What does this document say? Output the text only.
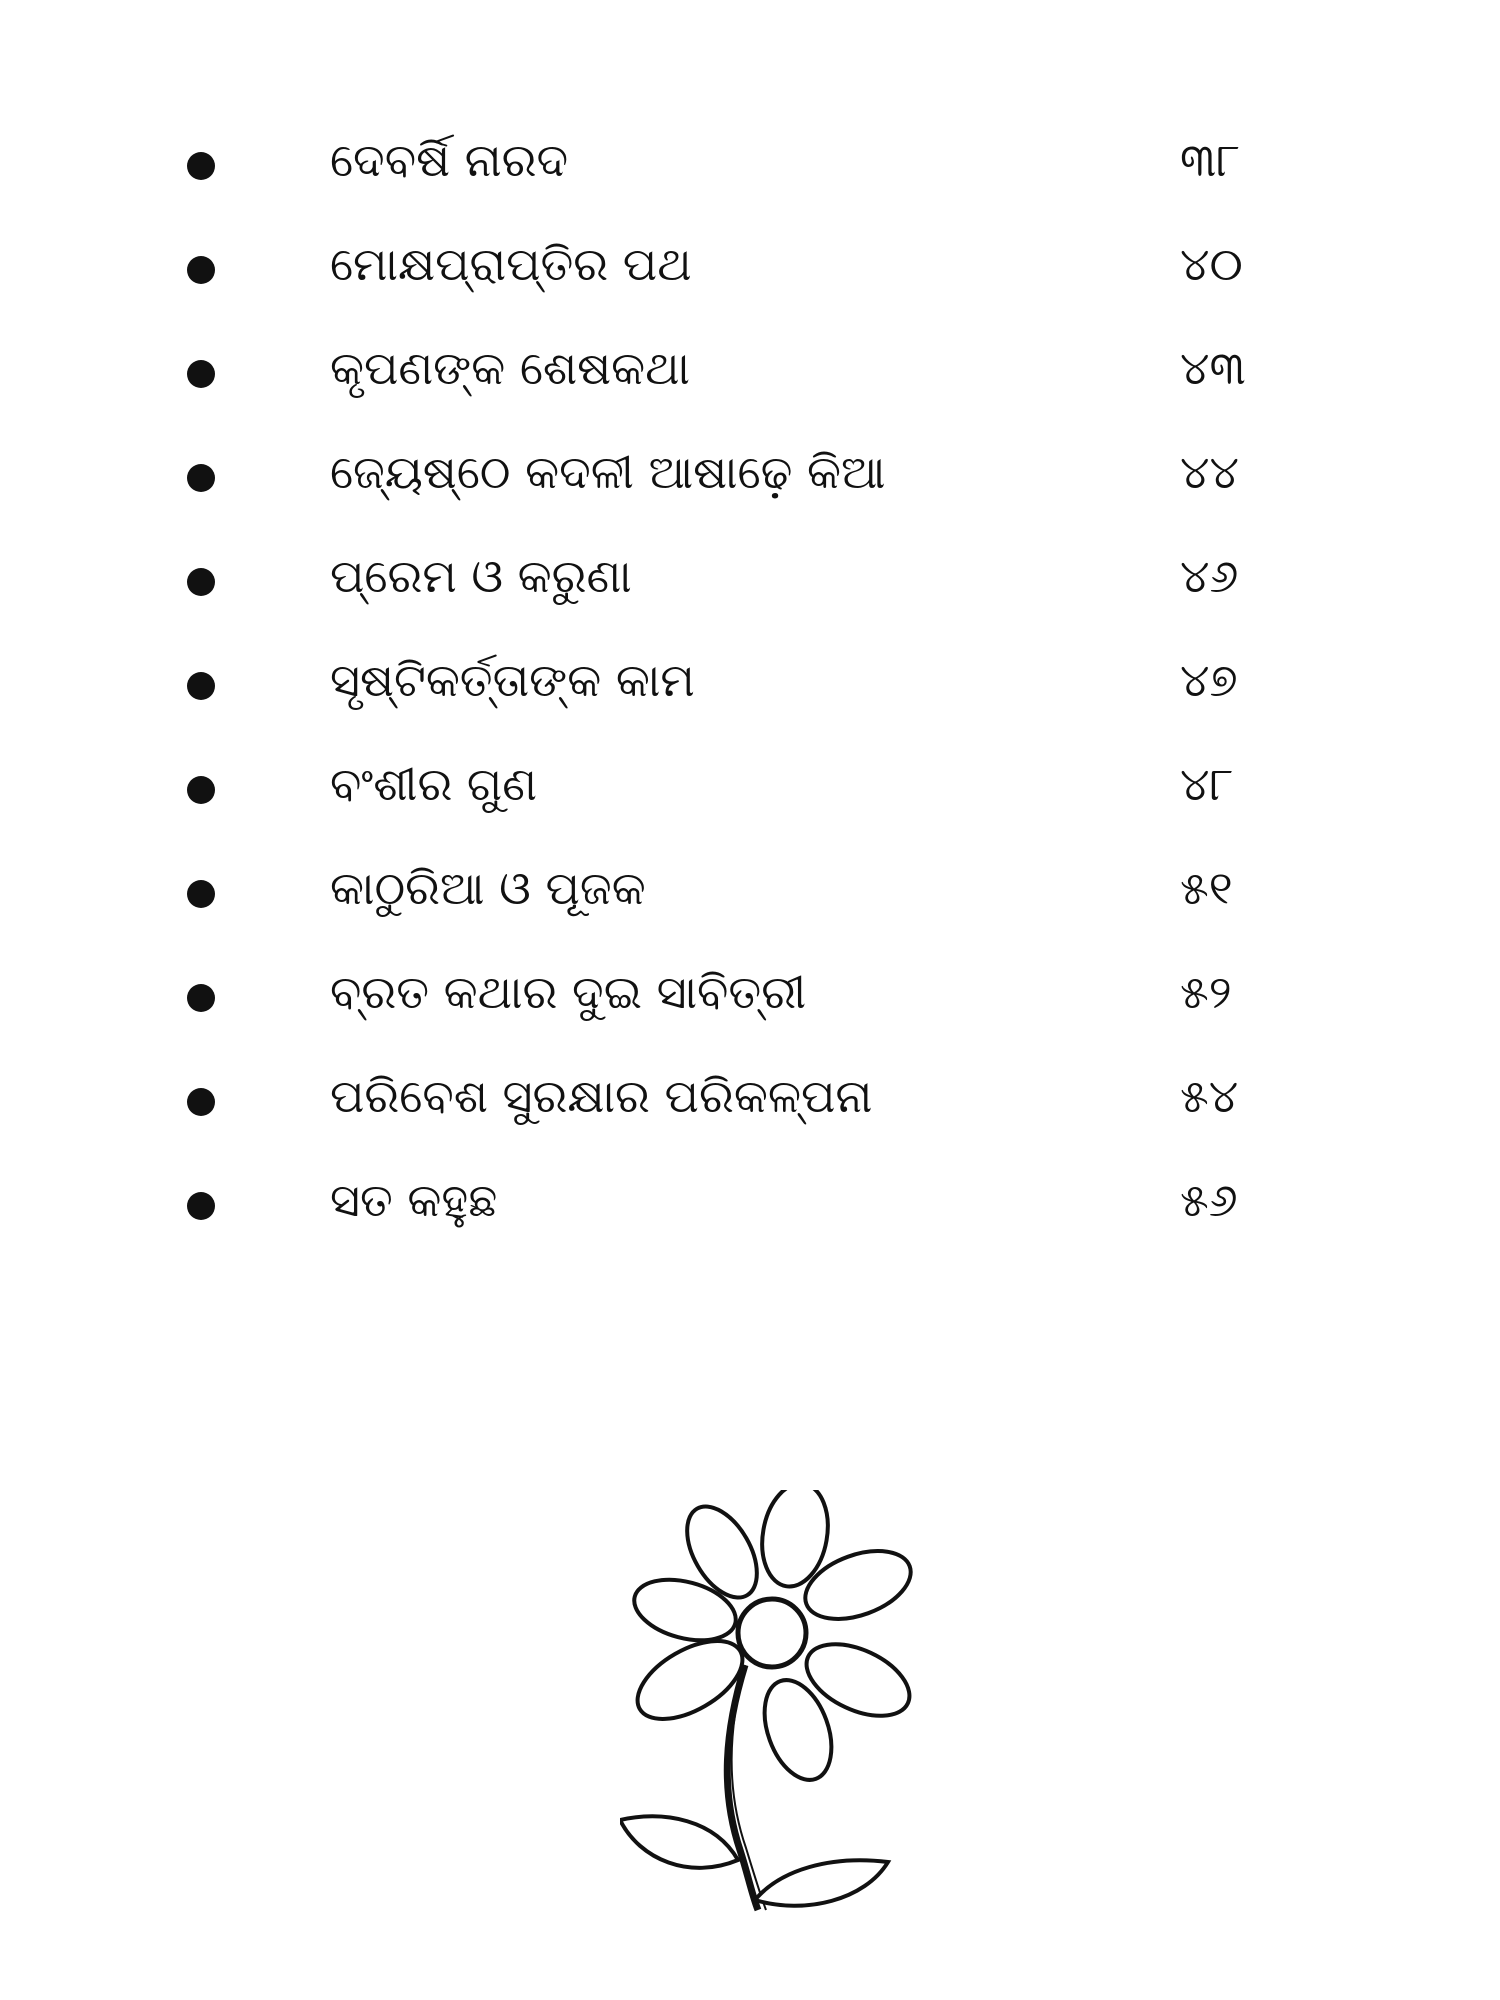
ଦେବର୍ଷି ନାରଦ	୩୮
ମୋକ୍ଷପ୍ରାପ୍ତିର ପଥ	୪୦
କୃପଣଙ୍କ ଶେଷକଥା	୪୩
ଜ୍ୟେଷ୍ଠେ କଦଳୀ ଆଷାଢ଼େ କିଆ	୪୪
ପ୍ରେମ ଓ କରୁଣା	୪୬
ସୃଷ୍ଟିକର୍ତ୍ତାଙ୍କ କାମ	୪୭
ବଂଶୀର ଗୁଣ	୪୮
କାଠୁରିଆ ଓ ପୂଜକ	୫୧
ବ୍ରତ କଥାର ଦୁଇ ସାବିତ୍ରୀ	୫୨
ପରିବେଶ ସୁରକ୍ଷାର ପରିକଳ୍ପନା	୫୪
ସତ କହୁଛ	୫୬
